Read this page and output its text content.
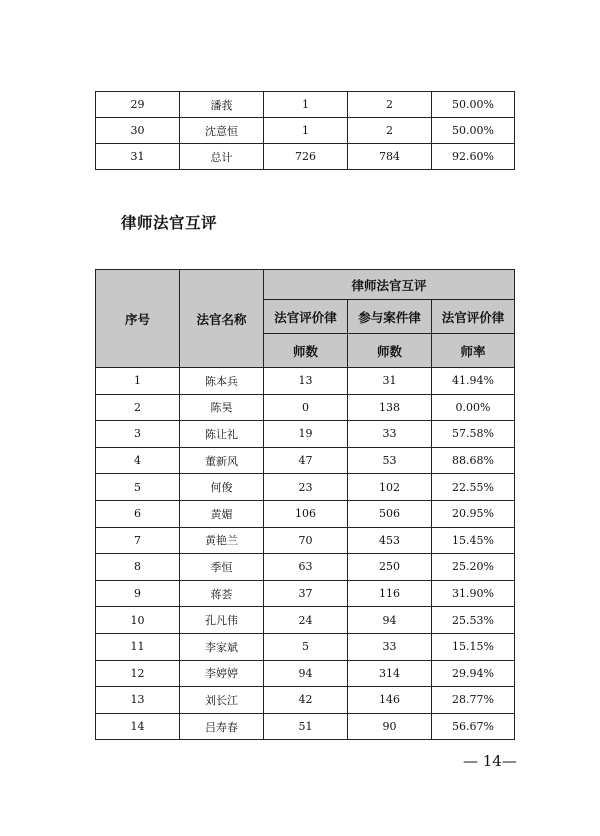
29	潘莪	1	2	50.00%
30	沈意恒	1	2	50.00%
31	总计	726	784	92.60%
律师法官互评
序号	法官名称	律师法官互评		
		法官评价律	参与案件律	法官评价律
		师数	师数	师率
1	陈本兵	13	31	41.94%
2	陈昊	0	138	0.00%
3	陈让礼	19	33	57.58%
4	董新风	47	53	88.68%
5	何俊	23	102	22.55%
6	黄媚	106	506	20.95%
7	黄艳兰	70	453	15.45%
8	季恒	63	250	25.20%
9	蒋荟	37	116	31.90%
10	孔凡伟	24	94	25.53%
11	李家斌	5	33	15.15%
12	李婷婷	94	314	29.94%
13	刘长江	42	146	28.77%
14	吕寿春	51	90	56.67%
— 14—
